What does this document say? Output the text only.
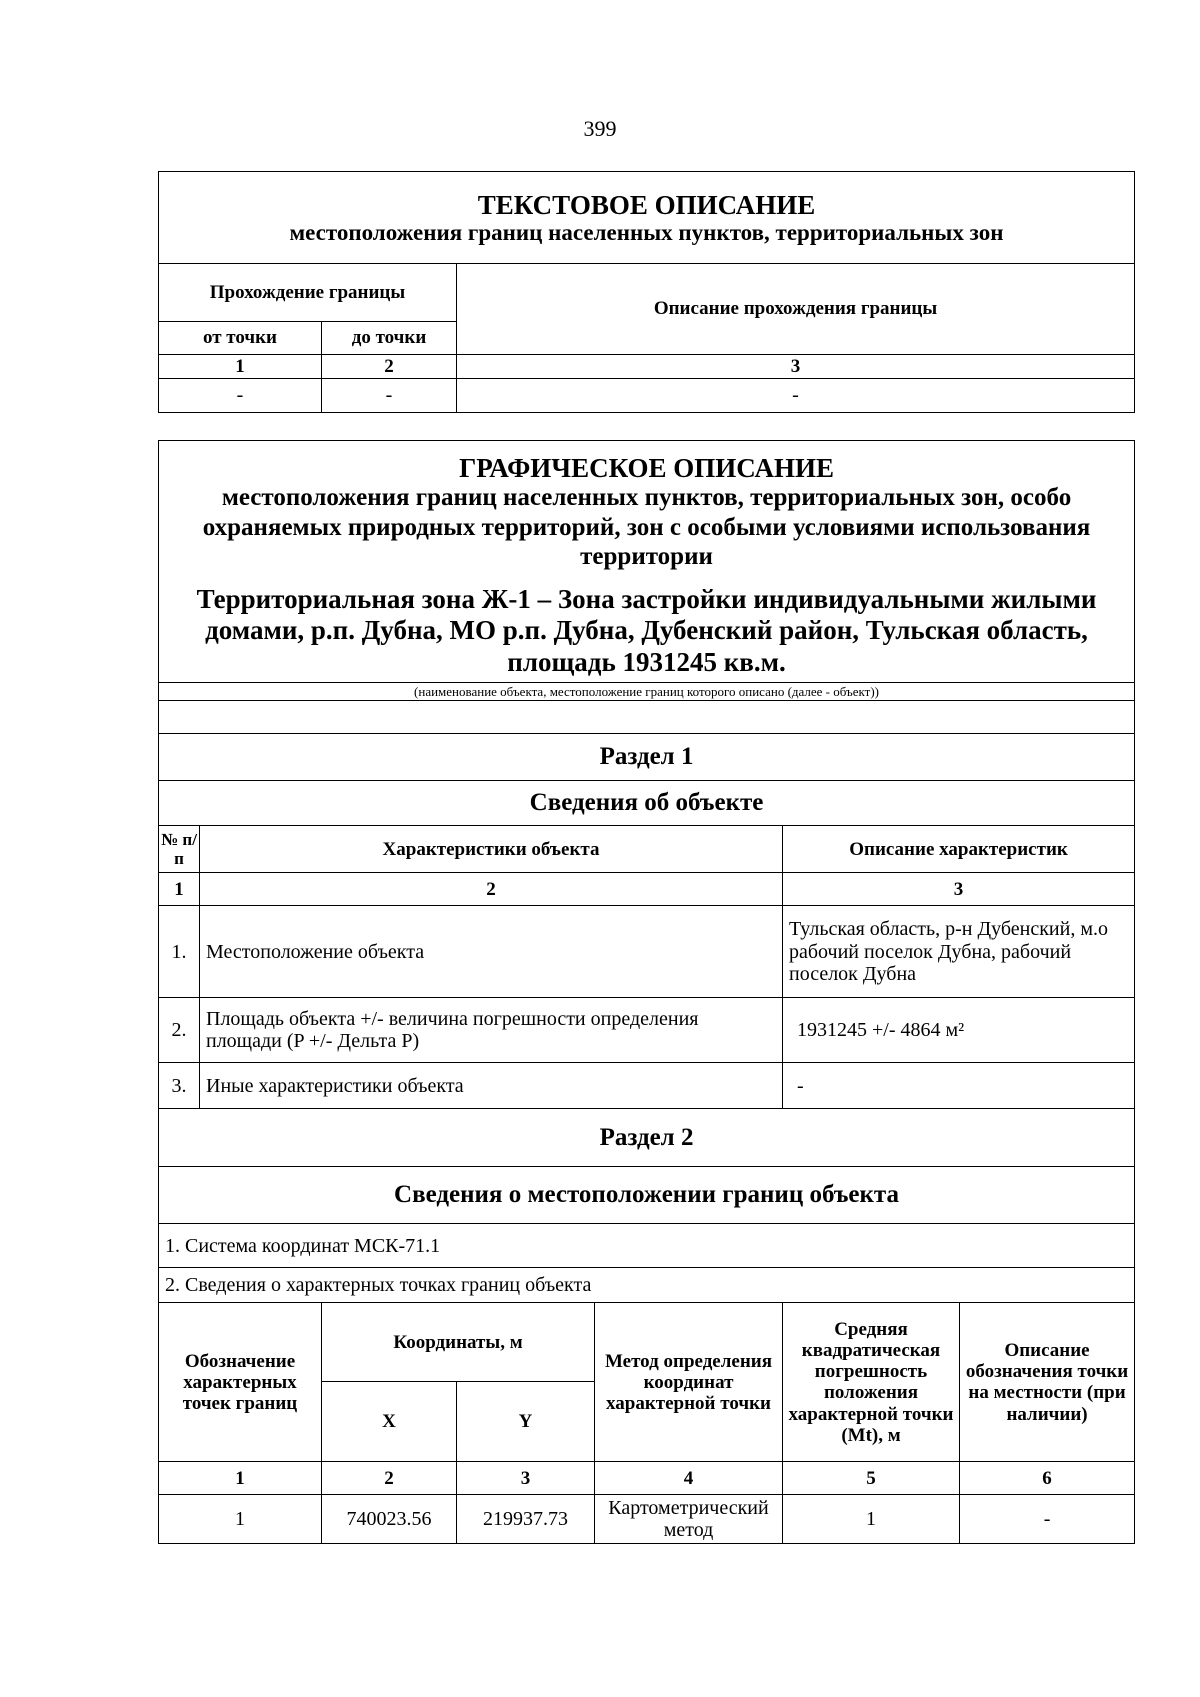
399
ТЕКСТОВОЕ ОПИСАНИЕ
местоположения границ населенных пунктов, территориальных зон		

Прохождение границы		Описание прохождения границы
от точки	до точки	
1	2	3
-	-	-
ГРАФИЧЕСКОЕ ОПИСАНИЕ
местоположения границ населенных пунктов, территориальных зон, особо охраняемых природных территорий, зон с особыми условиями использования территории
Территориальная зона Ж-1 – Зона застройки индивидуальными жилыми домами, р.п. Дубна, МО р.п. Дубна, Дубенский район, Тульская область, площадь 1931245 кв.м.						

(наименование объекта, местоположение границ которого описано (далее - объект))						

Раздел 1						
Сведения об объекте						
№ п/п	Характеристики объекта				Описание характеристик	
1	2				3	
1.	Местоположение объекта				Тульская область, р-н Дубенский, м.о рабочий поселок Дубна, рабочий поселок Дубна	
2.	Площадь объекта +/- величина погрешности определения площади (P +/- Дельта P)				1931245 +/- 4864 м²	
3.	Иные характеристики объекта				-	
Раздел 2						
Сведения о местоположении границ объекта						
1. Система координат МСК-71.1						
2. Сведения о характерных точках границ объекта						
Обозначение характерных точек границ		Координаты, м		Метод определения координат характерной точки	Средняя квадратическая погрешность положения характерной точки (Mt), м	Описание обозначения точки на местности (при наличии)
		X	Y			
1		2	3	4	5	6
1		740023.56	219937.73	Картометрический метод	1	-
